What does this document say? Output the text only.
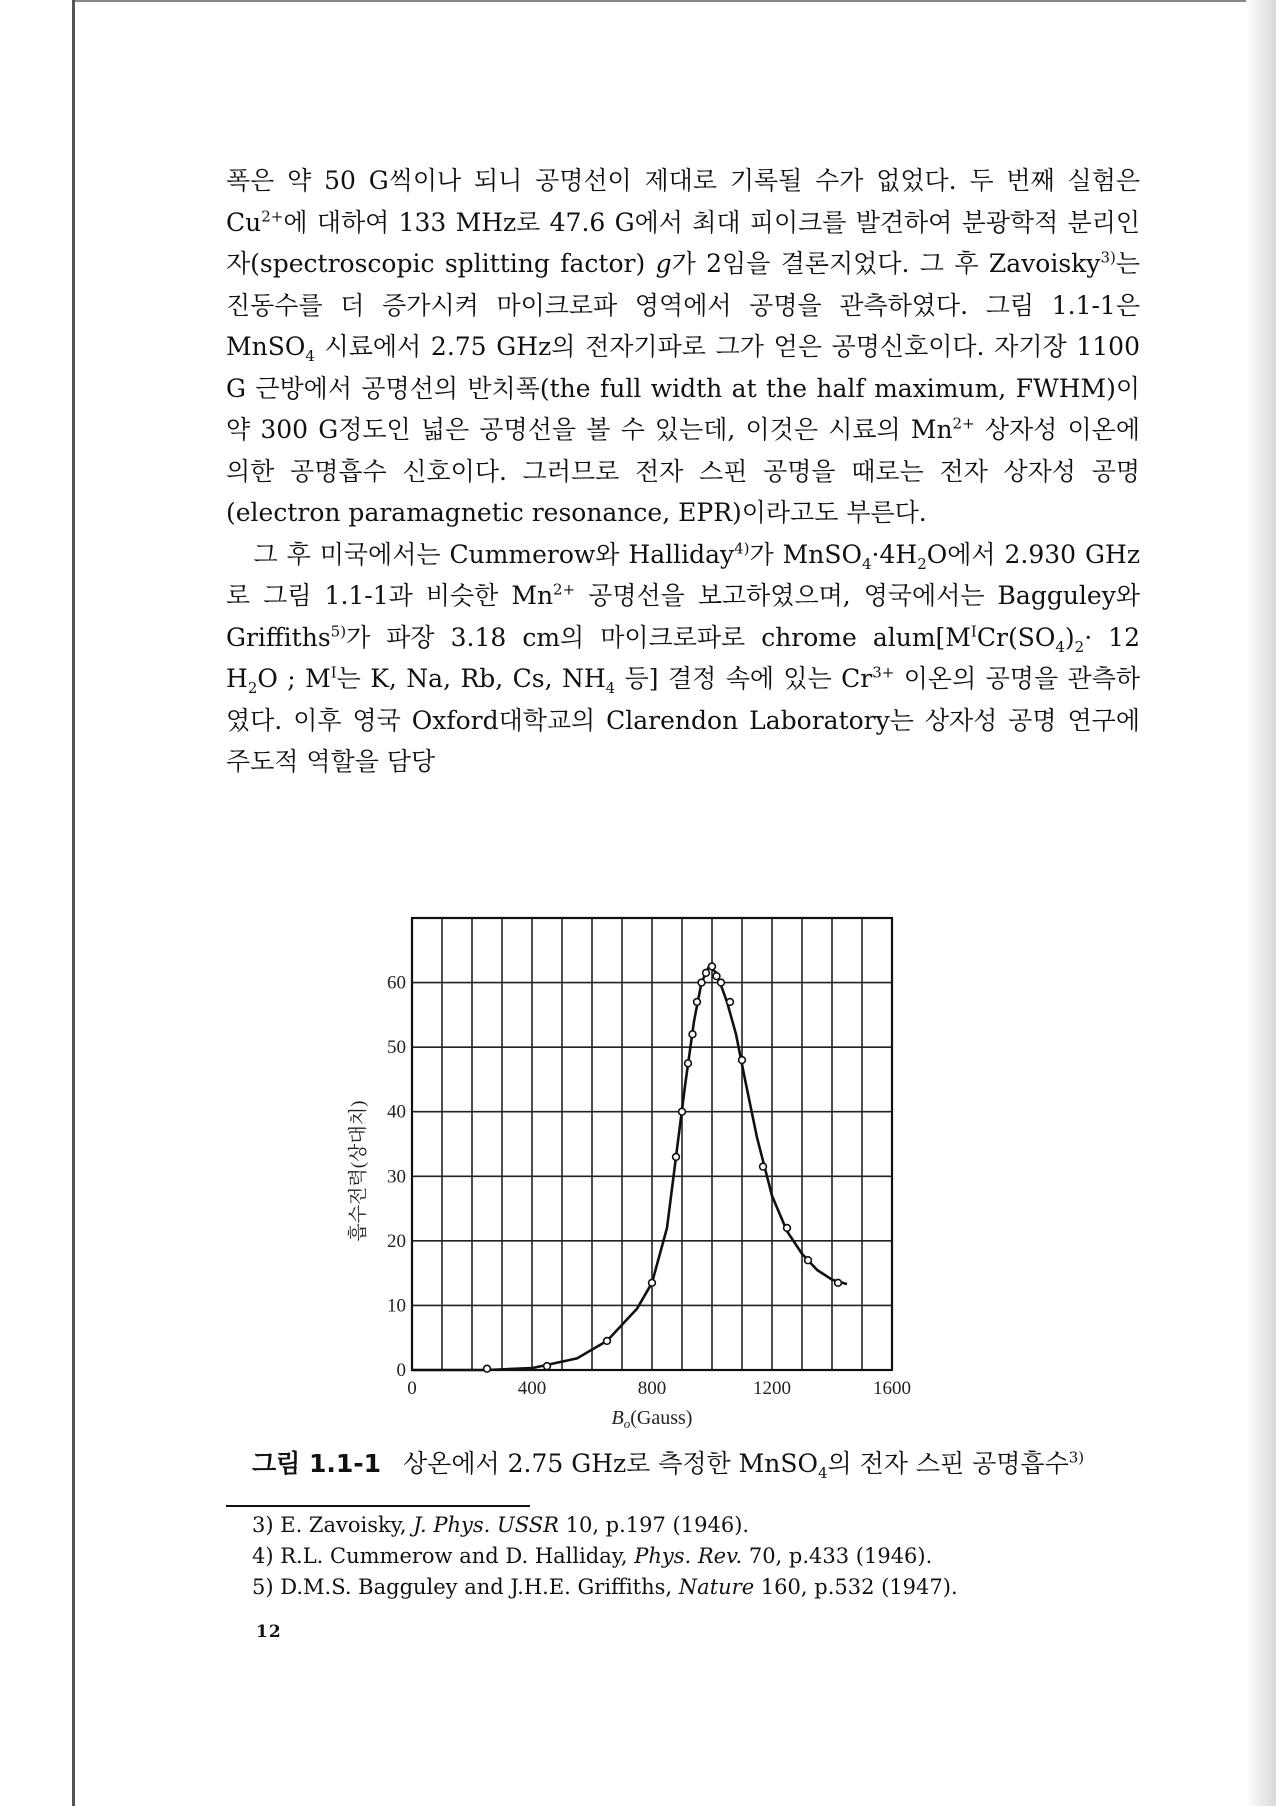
폭은 약 50 G씩이나 되니 공명선이 제대로 기록될 수가 없었다. 두 번째 실험은 $Cu^{2+}$에 대하여 133 MHz로 47.6 G에서 최대 피이크를 발견하여 분광학적 분리인자(spectroscopic splitting factor) g가 2임을 결론지었다. 그 후 Zavoisky$^{3)}$는 진동수를 더 증가시켜 마이크로파 영역에서 공명을 관측하였다. 그림 1.1-1은 MnSO$_4$ 시료에서 2.75 GHz의 전자기파로 그가 얻은 공명신호이다. 자기장 1100 G 근방에서 공명선의 반치폭(the full width at the half maximum, FWHM)이 약 300 G정도인 넓은 공명선을 볼 수 있는데, 이것은 시료의 $Mn^{2+}$ 상자성 이온에 의한 공명흡수 신호이다. 그러므로 전자 스핀 공명을 때로는 전자 상자성 공명(electron paramagnetic resonance, EPR)이라고도 부른다.

그 후 미국에서는 Cummerow와 Halliday$^{4)}$가 $MnSO_4\cdot 4H_2O$에서 2.930 GHz로 그림 1.1-1과 비슷한 $Mn^{2+}$ 공명선을 보고하였으며, 영국에서는 Bagguley와 Griffiths$^{5)}$가 파장 3.18 cm의 마이크로파로 chrome $alum[M^ICr(SO_4)_2\cdot 12$ $H_2O$ ; $M^I$는 K, Na, Rb, Cs, $NH_4$ 등] 결정 속에 있는 $Cr^{3+}$ 이온의 공명을 관측하였다. 이후 영국 Oxford대학교의 Clarendon Laboratory는 상자성 공명 연구에 주도적 역할을 담당

0	400	800	1200	1600
0
10
20
30
40
50
60
$B_o(Gauss)$
흡수전력(상대치)
그림 1.1-1 상온에서 2.75 GHz로 측정한 MnSO$_4$의 전자 스핀 공명흡수$^{3)}$
3) E. Zavoisky, J. Phys. USSR 10, p.197 (1946).
4) R.L. Cummerow and D. Halliday, Phys. Rev. 70, p.433 (1946).
5) D.M.S. Bagguley and J.H.E. Griffiths, Nature 160, p.532 (1947).
12
